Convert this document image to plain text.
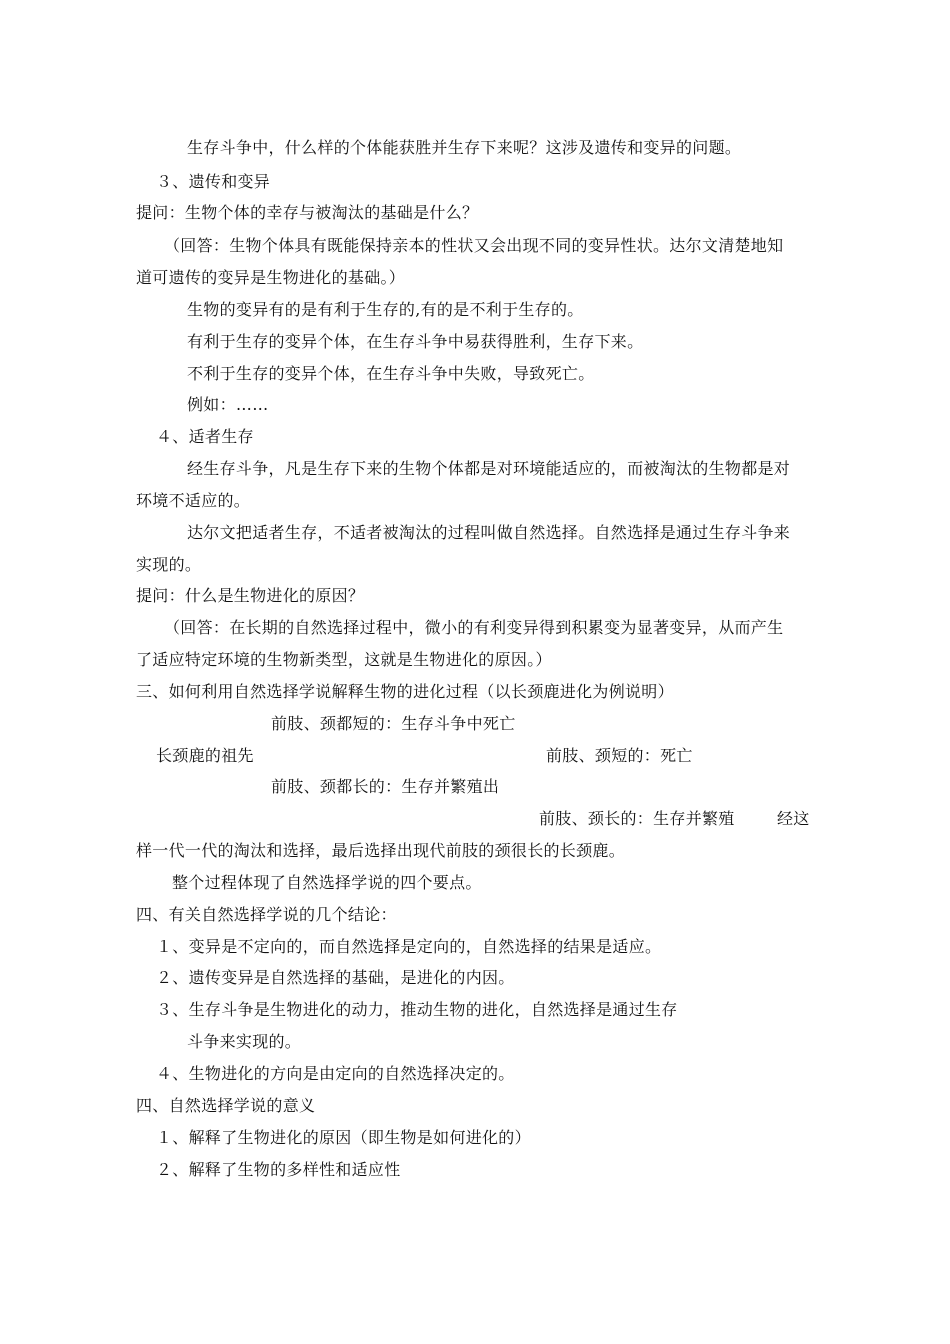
生存斗争中，什么样的个体能获胜并生存下来呢？这涉及遗传和变异的问题。
３、遗传和变异
提问：生物个体的幸存与被淘汰的基础是什么？
（回答：生物个体具有既能保持亲本的性状又会出现不同的变异性状。达尔文清楚地知
道可遗传的变异是生物进化的基础。）
生物的变异有的是有利于生存的,有的是不利于生存的。
有利于生存的变异个体，在生存斗争中易获得胜利，生存下来。
不利于生存的变异个体，在生存斗争中失败，导致死亡。
例如：……
４、适者生存
经生存斗争，凡是生存下来的生物个体都是对环境能适应的，而被淘汰的生物都是对
环境不适应的。
达尔文把适者生存，不适者被淘汰的过程叫做自然选择。自然选择是通过生存斗争来
实现的。
提问：什么是生物进化的原因？
（回答：在长期的自然选择过程中，微小的有利变异得到积累变为显著变异，从而产生
了适应特定环境的生物新类型，这就是生物进化的原因。）
三、如何利用自然选择学说解释生物的进化过程（以长颈鹿进化为例说明）
前肢、颈都短的：生存斗争中死亡
长颈鹿的祖先	前肢、颈短的：死亡
前肢、颈都长的：生存并繁殖出
前肢、颈长的：生存并繁殖	经这
样一代一代的淘汰和选择，最后选择出现代前肢的颈很长的长颈鹿。
整个过程体现了自然选择学说的四个要点。
四、有关自然选择学说的几个结论：
１、变异是不定向的，而自然选择是定向的，自然选择的结果是适应。
２、遗传变异是自然选择的基础，是进化的内因。
３、生存斗争是生物进化的动力，推动生物的进化，自然选择是通过生存
斗争来实现的。
４、生物进化的方向是由定向的自然选择决定的。
四、自然选择学说的意义
１、解释了生物进化的原因（即生物是如何进化的）
２、解释了生物的多样性和适应性
